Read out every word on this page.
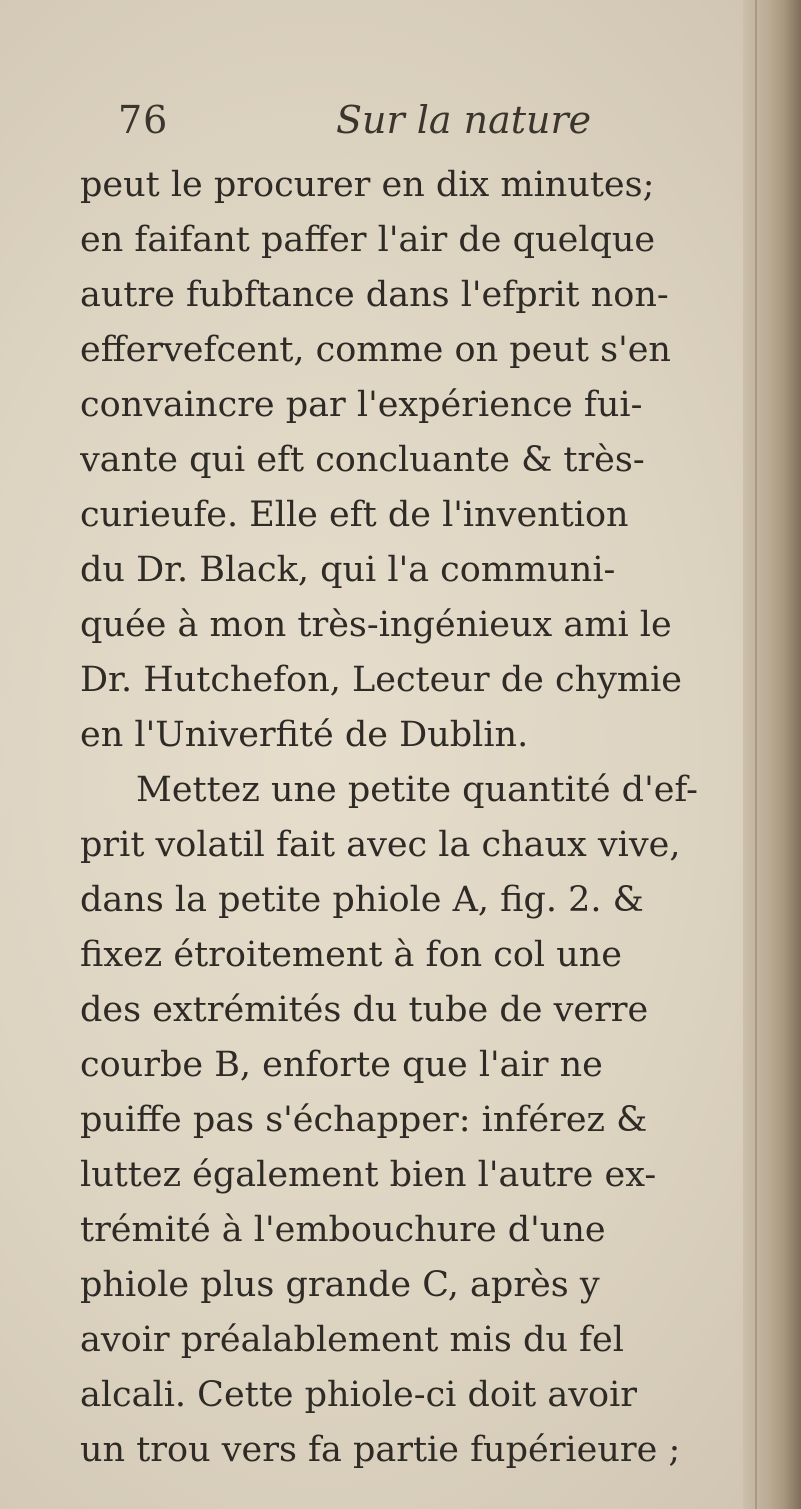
76	Sur la nature
peut le procurer en dix minutes;
en faifant paffer l'air de quelque
autre fubftance dans l'efprit non-
effervefcent, comme on peut s'en
convaincre par l'expérience fui-
vante qui eft concluante & très-
curieufe. Elle eft de l'invention
du Dr. Black, qui l'a communi-
quée à mon très-ingénieux ami le
Dr. Hutchefon, Lecteur de chymie
en l'Univerfité de Dublin.
Mettez une petite quantité d'ef-
prit volatil fait avec la chaux vive,
dans la petite phiole A, fig. 2. &
fixez étroitement à fon col une
des extrémités du tube de verre
courbe B, enforte que l'air ne
puiffe pas s'échapper: inférez &
luttez également bien l'autre ex-
trémité à l'embouchure d'une
phiole plus grande C, après y
avoir préalablement mis du fel
alcali. Cette phiole-ci doit avoir
un trou vers fa partie fupérieure ;
